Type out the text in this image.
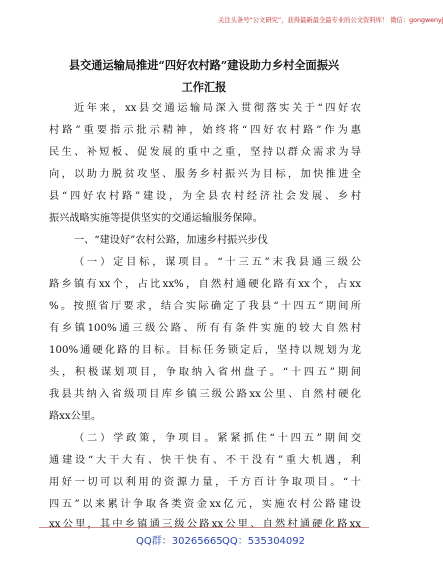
关注头条号“公文研究”，获得最新最全最专业的公文资料库！ 微信：gongwenyj
县交通运输局推进“四好农村路”建设助力乡村全面振兴
工作汇报
近年来，xx县交通运输局深入贯彻落实关于“四好农
村路”重要指示批示精神，始终将“四好农村路”作为惠
民生、补短板、促发展的重中之重，坚持以群众需求为导
向，以助力脱贫攻坚、服务乡村振兴为目标，加快推进全
县“四好农村路”建设，为全县农村经济社会发展、乡村
振兴战略实施等提供坚实的交通运输服务保障。
一、“建设好”农村公路，加速乡村振兴步伐
（一）定目标，谋项目。“十三五”末我县通三级公
路乡镇有xx个，占比xx%，自然村通硬化路有xx个，占xx
%。按照省厅要求，结合实际确定了我县“十四五”期间所
有乡镇100%通三级公路、所有有条件实施的较大自然村
100%通硬化路的目标。目标任务锁定后，坚持以规划为龙
头，积极谋划项目，争取纳入省州盘子。“十四五”期间
我县共纳入省级项目库乡镇三级公路xx公里、自然村硬化
路xx公里。
（二）学政策，争项目。紧紧抓住“十四五”期间交
通建设“大干大有、快干快有、不干没有”重大机遇，利
用好一切可以利用的资源力量，千方百计争取项目。“十
四五”以来累计争取各类资金xx亿元，实施农村公路建设
xx公里，其中乡镇通三级公路xx公里、自然村通硬化路xx
QQ群：30265665 QQ：535304092
